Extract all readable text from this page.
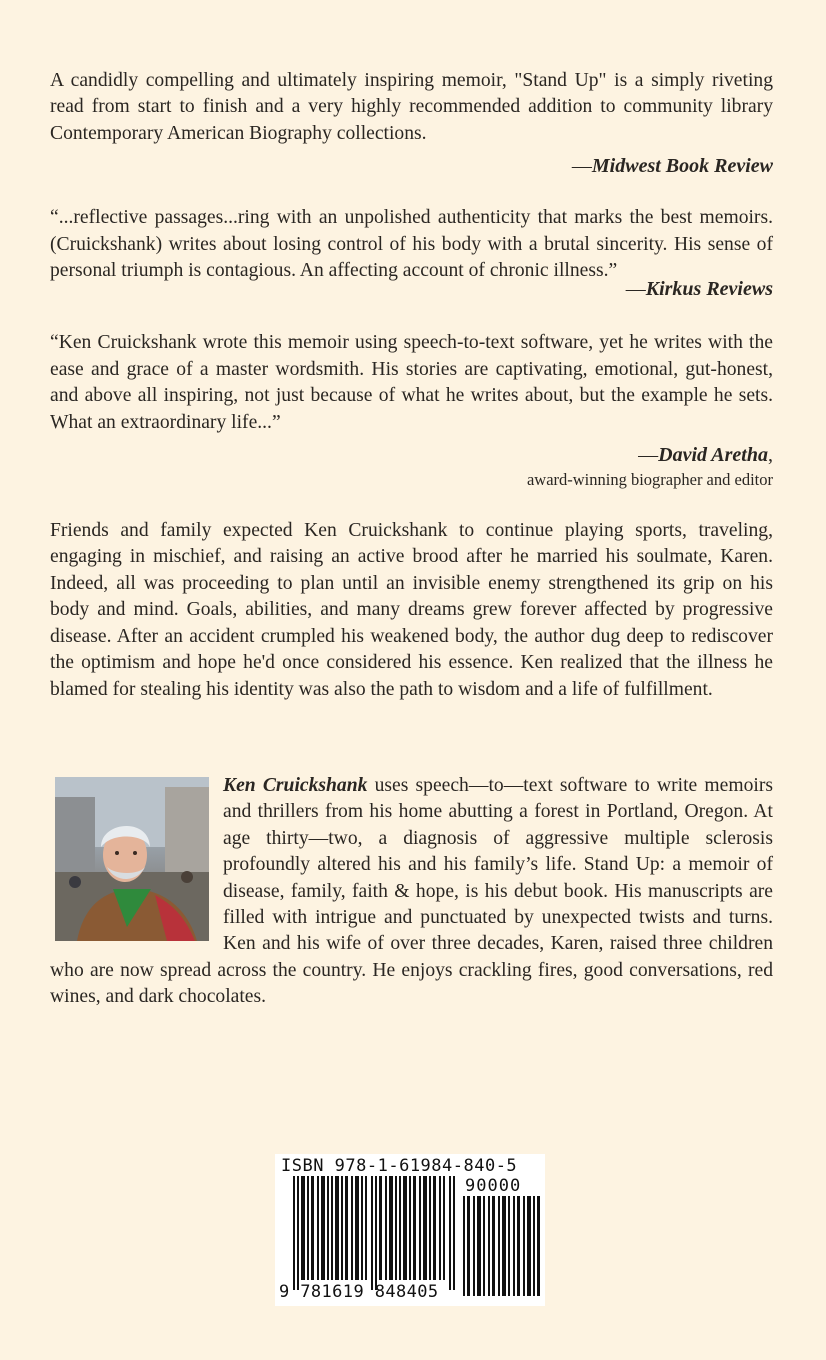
A candidly compelling and ultimately inspiring memoir, "Stand Up" is a simply riveting read from start to finish and a very highly recommended addition to community library Contemporary American Biography collections.

—Midwest Book Review

“...reflective passages...ring with an unpolished authenticity that marks the best memoirs. (Cruickshank) writes about losing control of his body with a brutal sincerity. His sense of personal triumph is contagious. An affecting account of chronic illness.”

—Kirkus Reviews

“Ken Cruickshank wrote this memoir using speech-to-text software, yet he writes with the ease and grace of a master wordsmith. His stories are captivating, emotional, gut-honest, and above all inspiring, not just because of what he writes about, but the example he sets. What an extraordinary life...”

—David Aretha,
award-winning biographer and editor

Friends and family expected Ken Cruickshank to continue playing sports, traveling, engaging in mischief, and raising an active brood after he married his soulmate, Karen. Indeed, all was proceeding to plan until an invisible enemy strengthened its grip on his body and mind. Goals, abilities, and many dreams grew forever affected by progressive disease. After an accident crumpled his weakened body, the author dug deep to rediscover the optimism and hope he'd once considered his essence. Ken realized that the illness he blamed for stealing his identity was also the path to wisdom and a life of fulfillment.

Ken Cruickshank uses speech—to—text software to write memoirs and thrillers from his home abutting a forest in Portland, Oregon. At age thirty—two, a diagnosis of aggressive multiple sclerosis profoundly altered his and his family’s life. Stand Up: a memoir of disease, family, faith & hope, is his debut book. His manuscripts are filled with intrigue and punctuated by unexpected twists and turns. Ken and his wife of over three decades, Karen, raised three children who are now spread across the country. He enjoys crackling fires, good conversations, red wines, and dark chocolates.

ISBN 978-1-61984-840-5
90000
9 781619 848405
